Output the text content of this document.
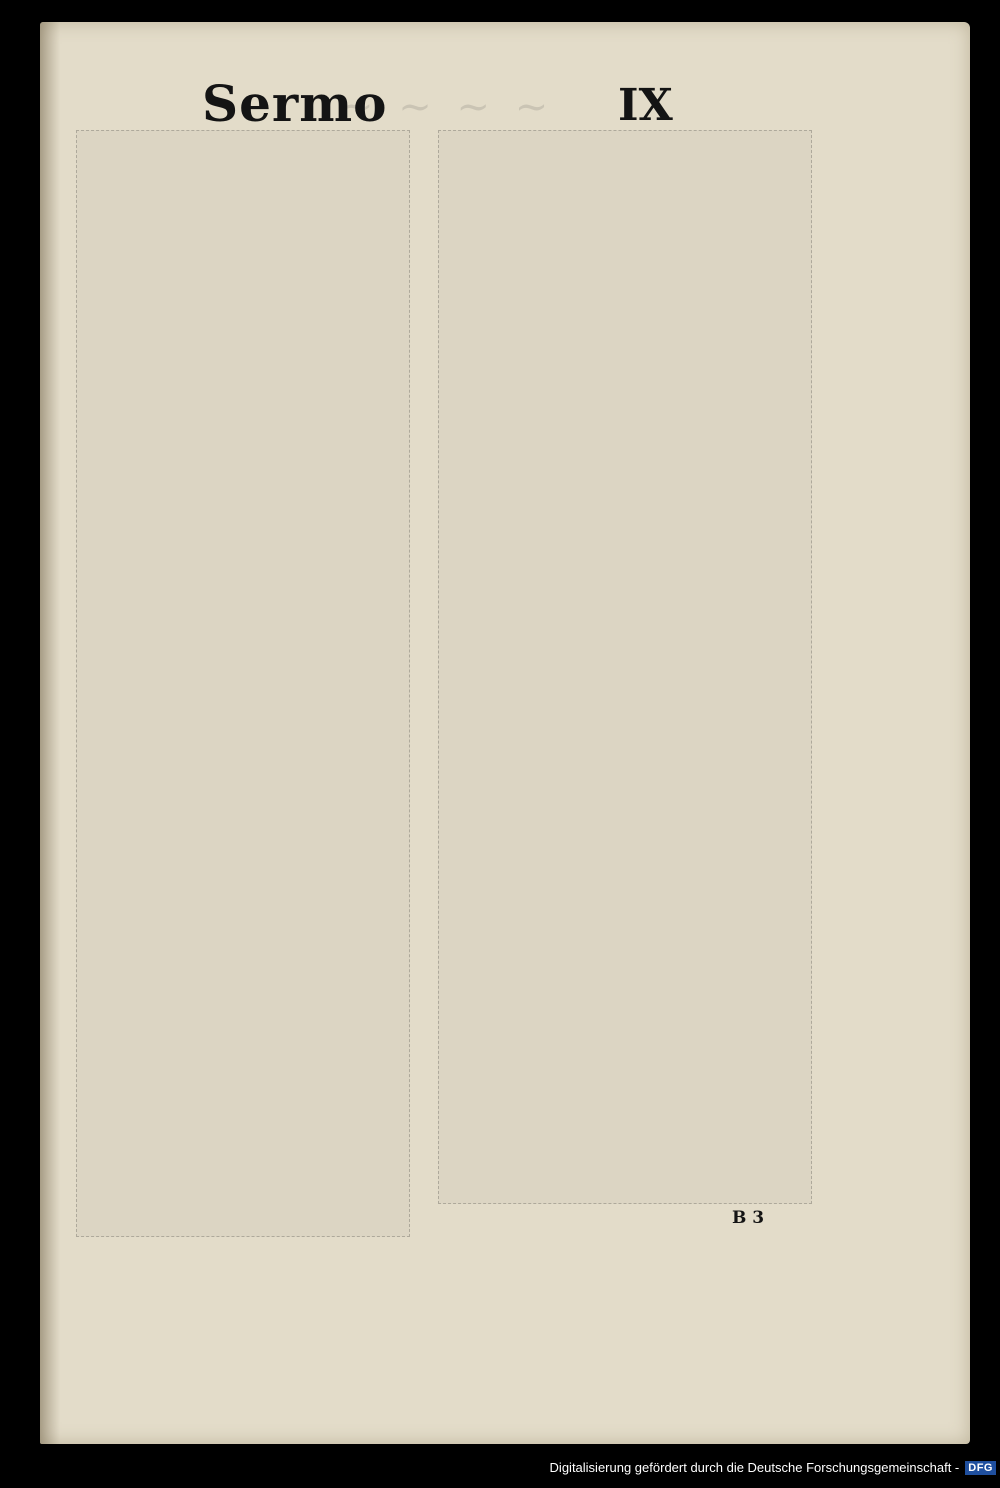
~ ~ ~ ~
Sermo	IX
B 3
Digitalisierung gefördert durch die Deutsche Forschungsgemeinschaft - DFG
